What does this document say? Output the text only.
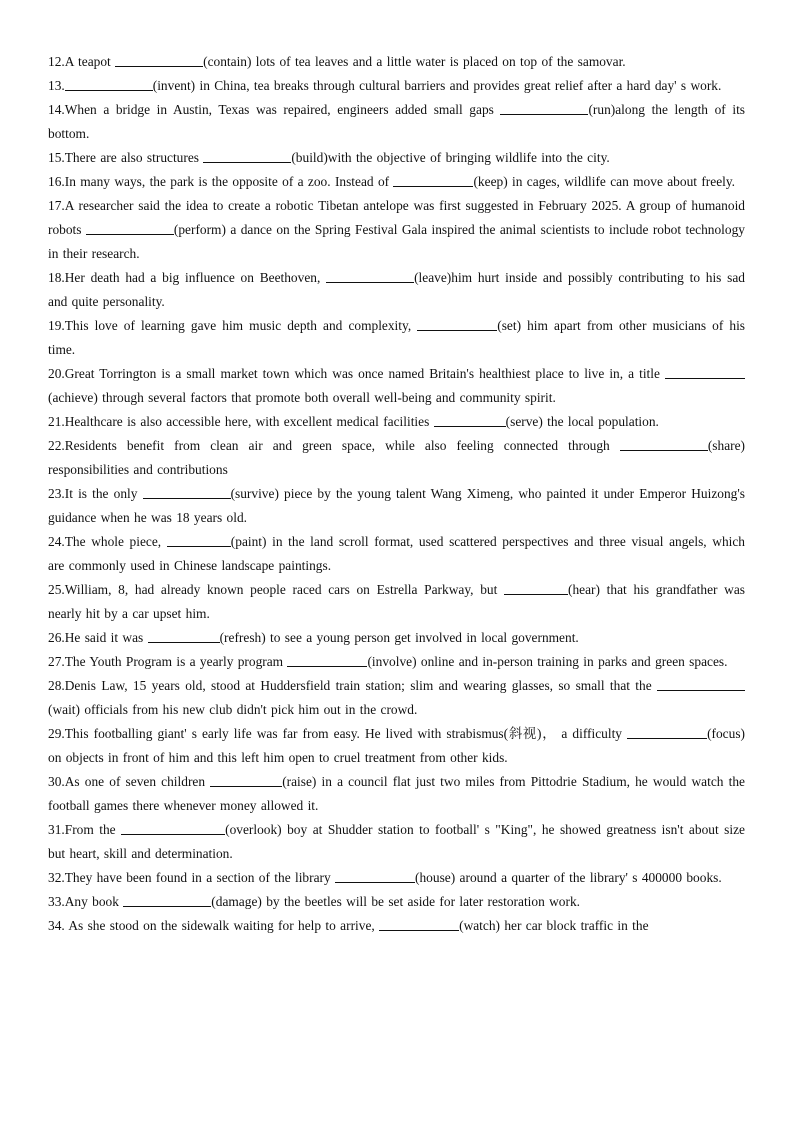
12.A teapot	(contain) lots of tea leaves and a little water is placed on top of the samovar.

13.	(invent) in China, tea breaks through cultural barriers and provides great relief after a hard day' s work.

14.When a bridge in Austin, Texas was repaired, engineers added small gaps	(run)along the length of its bottom.

15.There are also structures	(build)with the objective of bringing wildlife into the city.

16.In many ways, the park is the opposite of a zoo. Instead of	(keep) in cages, wildlife can move about freely.

17.A researcher said the idea to create a robotic Tibetan antelope was first suggested in February 2025. A group of humanoid robots	(perform) a dance on the Spring Festival Gala inspired the animal scientists to include robot technology in their research.

18.Her death had a big influence on Beethoven,	(leave)him hurt inside and possibly contributing to his sad and quite personality.

19.This love of learning gave him music depth and complexity,	(set) him apart from other musicians of his time.

20.Great Torrington is a small market town which was once named Britain's healthiest place to live in, a title (achieve) through several factors that promote both overall well-being and community spirit.

21.Healthcare is also accessible here, with excellent medical facilities	(serve) the local population.

22.Residents benefit from clean air and green space, while also feeling connected through	(share) responsibilities and contributions

23.It is the only	(survive) piece by the young talent Wang Ximeng, who painted it under Emperor Huizong's guidance when he was 18 years old.

24.The whole piece,	(paint) in the land scroll format, used scattered perspectives and three visual angels, which are commonly used in Chinese landscape paintings.

25.William, 8, had already known people raced cars on Estrella Parkway, but	(hear) that his grandfather was nearly hit by a car upset him.

26.He said it was	(refresh) to see a young person get involved in local government.

27.The Youth Program is a yearly program	(involve) online and in-person training in parks and green spaces.

28.Denis Law, 15 years old, stood at Huddersfield train station; slim and wearing glasses, so small that the (wait) officials from his new club didn't pick him out in the crowd.

29.This footballing giant' s early life was far from easy. He lived with strabismus(斜视)， a difficulty	(focus) on objects in front of him and this left him open to cruel treatment from other kids.

30.As one of seven children	(raise) in a council flat just two miles from Pittodrie Stadium, he would watch the football games there whenever money allowed it.

31.From the	(overlook) boy at Shudder station to football' s "King", he showed greatness isn't about size but heart, skill and determination.

32.They have been found in a section of the library	(house) around a quarter of the library' s 400000 books.

33.Any book	(damage) by the beetles will be set aside for later restoration work.

34. As she stood on the sidewalk waiting for help to arrive,	(watch) her car block traffic in the
